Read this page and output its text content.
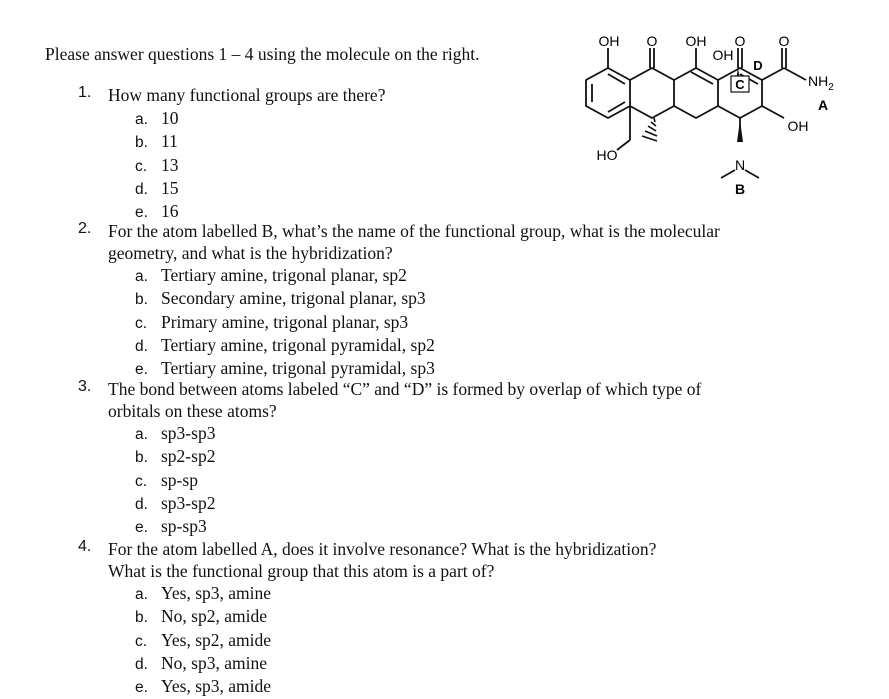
Please answer questions 1 – 4 using the molecule on the right.
1. How many functional groups are there?
a. 10
b. 11
c. 13
d. 15
e. 16
2. For the atom labelled B, what’s the name of the functional group, what is the molecular
geometry, and what is the hybridization?
a. Tertiary amine, trigonal planar, sp2
b. Secondary amine, trigonal planar, sp3
c. Primary amine, trigonal planar, sp3
d. Tertiary amine, trigonal pyramidal, sp2
e. Tertiary amine, trigonal pyramidal, sp3
3. The bond between atoms labeled “C” and “D” is formed by overlap of which type of
orbitals on these atoms?
a. sp3-sp3
b. sp2-sp2
c. sp-sp
d. sp3-sp2
e. sp-sp3
4. For the atom labelled A, does it involve resonance? What is the hybridization?
What is the functional group that this atom is a part of?
a. Yes, sp3, amine
b. No, sp2, amide
c. Yes, sp2, amide
d. No, sp3, amine
e. Yes, sp3, amide
OH O OH O
OH
O
D
C	$NH_2$
A
OH
HO
N
B
